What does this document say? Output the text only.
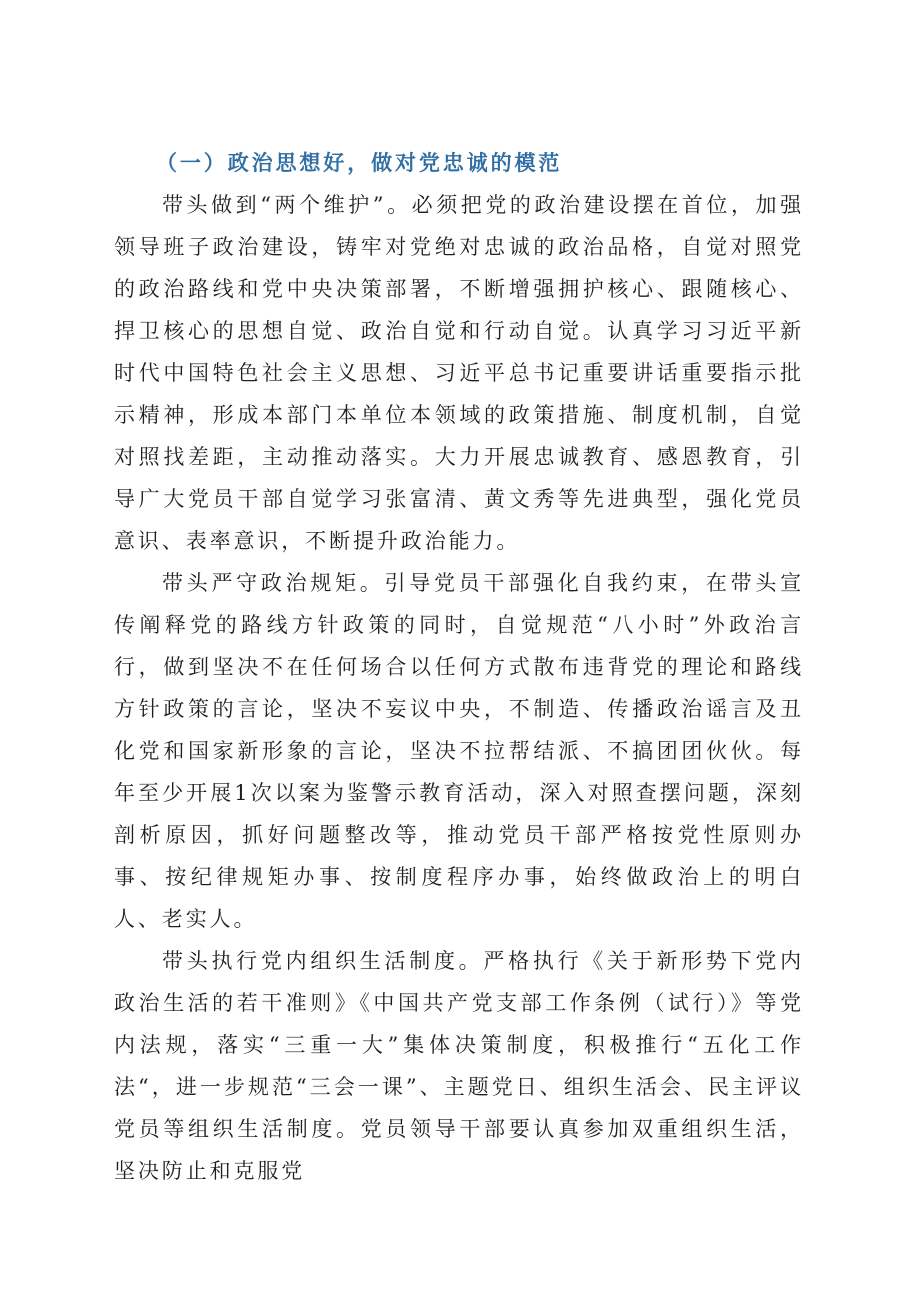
（一）政治思想好，做对党忠诚的模范

带头做到“两个维护”。必须把党的政治建设摆在首位，加强领导班子政治建设，铸牢对党绝对忠诚的政治品格，自觉对照党的政治路线和党中央决策部署，不断增强拥护核心、跟随核心、捍卫核心的思想自觉、政治自觉和行动自觉。认真学习习近平新时代中国特色社会主义思想、习近平总书记重要讲话重要指示批示精神，形成本部门本单位本领域的政策措施、制度机制，自觉对照找差距，主动推动落实。大力开展忠诚教育、感恩教育，引导广大党员干部自觉学习张富清、黄文秀等先进典型，强化党员意识、表率意识，不断提升政治能力。

带头严守政治规矩。引导党员干部强化自我约束，在带头宣传阐释党的路线方针政策的同时，自觉规范“八小时”外政治言行，做到坚决不在任何场合以任何方式散布违背党的理论和路线方针政策的言论，坚决不妄议中央，不制造、传播政治谣言及丑化党和国家新形象的言论，坚决不拉帮结派、不搞团团伙伙。每年至少开展1次以案为鉴警示教育活动，深入对照查摆问题，深刻剖析原因，抓好问题整改等，推动党员干部严格按党性原则办事、按纪律规矩办事、按制度程序办事，始终做政治上的明白人、老实人。

带头执行党内组织生活制度。严格执行《关于新形势下党内政治生活的若干准则》《中国共产党支部工作条例（试行）》等党内法规，落实“三重一大”集体决策制度，积极推行“五化工作法“，进一步规范“三会一课”、主题党日、组织生活会、民主评议党员等组织生活制度。党员领导干部要认真参加双重组织生活，坚决防止和克服党
